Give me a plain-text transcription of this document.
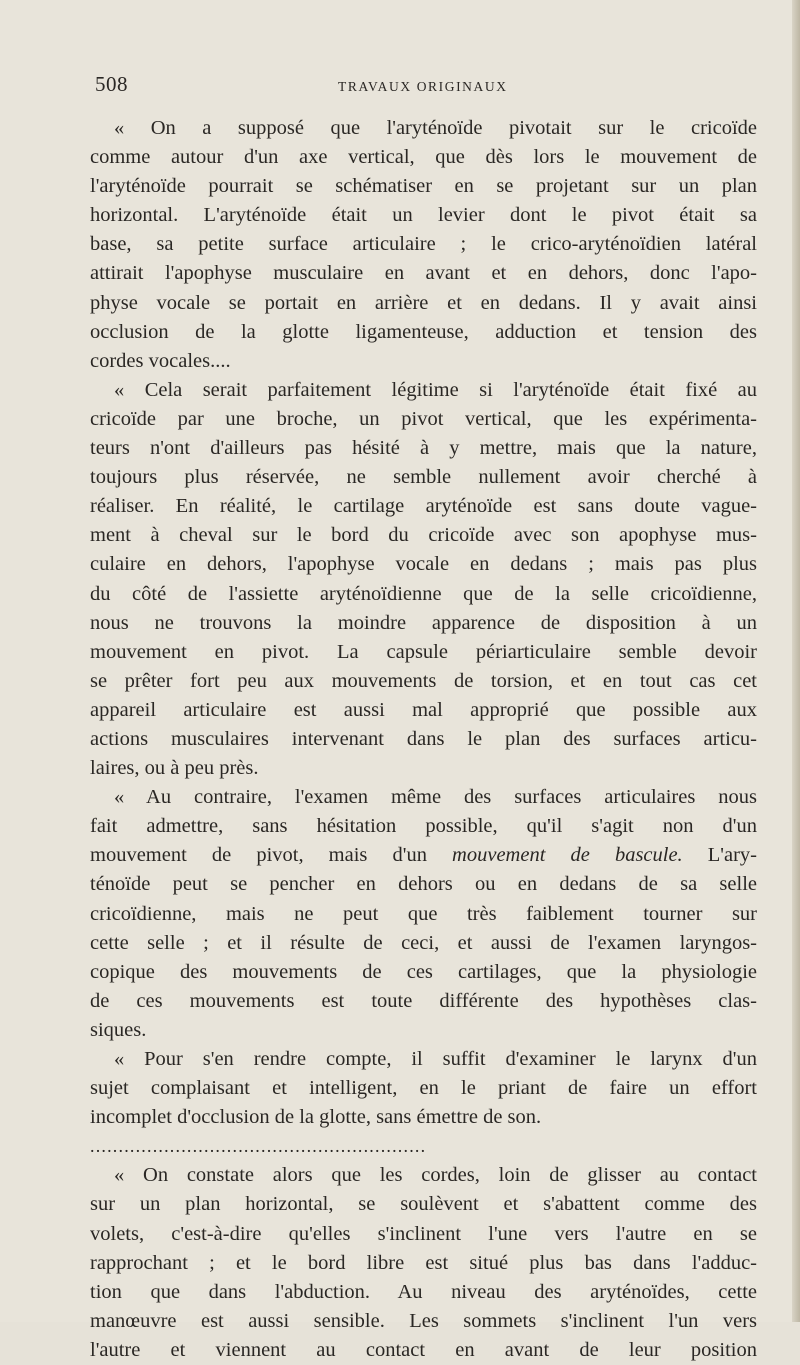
508	TRAVAUX ORIGINAUX
« On a supposé que l'aryténoïde pivotait sur le cricoïde
comme autour d'un axe vertical, que dès lors le mouvement de
l'aryténoïde pourrait se schématiser en se projetant sur un plan
horizontal. L'aryténoïde était un levier dont le pivot était sa
base, sa petite surface articulaire ; le crico-aryténoïdien latéral
attirait l'apophyse musculaire en avant et en dehors, donc l'apo-
physe vocale se portait en arrière et en dedans. Il y avait ainsi
occlusion de la glotte ligamenteuse, adduction et tension des
cordes vocales....
« Cela serait parfaitement légitime si l'aryténoïde était fixé au
cricoïde par une broche, un pivot vertical, que les expérimenta-
teurs n'ont d'ailleurs pas hésité à y mettre, mais que la nature,
toujours plus réservée, ne semble nullement avoir cherché à
réaliser. En réalité, le cartilage aryténoïde est sans doute vague-
ment à cheval sur le bord du cricoïde avec son apophyse mus-
culaire en dehors, l'apophyse vocale en dedans ; mais pas plus
du côté de l'assiette aryténoïdienne que de la selle cricoïdienne,
nous ne trouvons la moindre apparence de disposition à un
mouvement en pivot. La capsule périarticulaire semble devoir
se prêter fort peu aux mouvements de torsion, et en tout cas cet
appareil articulaire est aussi mal approprié que possible aux
actions musculaires intervenant dans le plan des surfaces articu-
laires, ou à peu près.
« Au contraire, l'examen même des surfaces articulaires nous
fait admettre, sans hésitation possible, qu'il s'agit non d'un
mouvement de pivot, mais d'un mouvement de bascule. L'ary-
ténoïde peut se pencher en dehors ou en dedans de sa selle
cricoïdienne, mais ne peut que très faiblement tourner sur
cette selle ; et il résulte de ceci, et aussi de l'examen laryngos-
copique des mouvements de ces cartilages, que la physiologie
de ces mouvements est toute différente des hypothèses clas-
siques.
« Pour s'en rendre compte, il suffit d'examiner le larynx d'un
sujet complaisant et intelligent, en le priant de faire un effort
incomplet d'occlusion de la glotte, sans émettre de son.
...........................................................
« On constate alors que les cordes, loin de glisser au contact
sur un plan horizontal, se soulèvent et s'abattent comme des
volets, c'est-à-dire qu'elles s'inclinent l'une vers l'autre en se
rapprochant ; et le bord libre est situé plus bas dans l'adduc-
tion que dans l'abduction. Au niveau des aryténoïdes, cette
manœuvre est aussi sensible. Les sommets s'inclinent l'un vers
l'autre et viennent au contact en avant de leur position
